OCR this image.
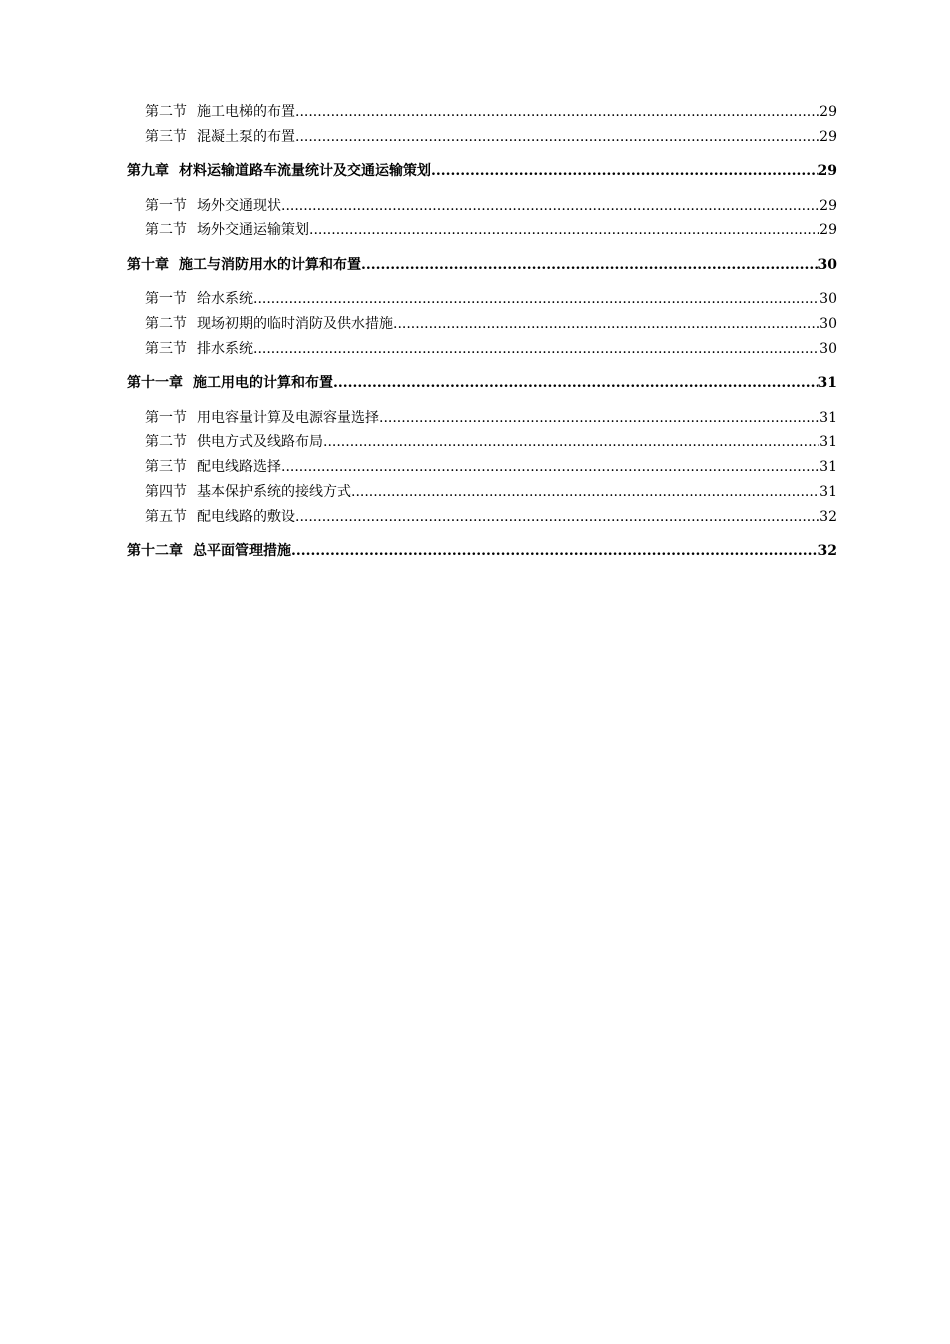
第二节 施工电梯的布置 .....	29
第三节 混凝土泵的布置 .....	29
第九章 材料运输道路车流量统计及交通运输策划 .....	29
第一节 场外交通现状 .....	29
第二节 场外交通运输策划 .....	29
第十章 施工与消防用水的计算和布置 .....	30
第一节 给水系统 .....	30
第二节 现场初期的临时消防及供水措施 .....	30
第三节 排水系统 .....	30
第十一章 施工用电的计算和布置 .....	31
第一节 用电容量计算及电源容量选择 .....	31
第二节 供电方式及线路布局 .....	31
第三节 配电线路选择 .....	31
第四节 基本保护系统的接线方式 .....	31
第五节 配电线路的敷设 .....	32
第十二章 总平面管理措施 .....	32
